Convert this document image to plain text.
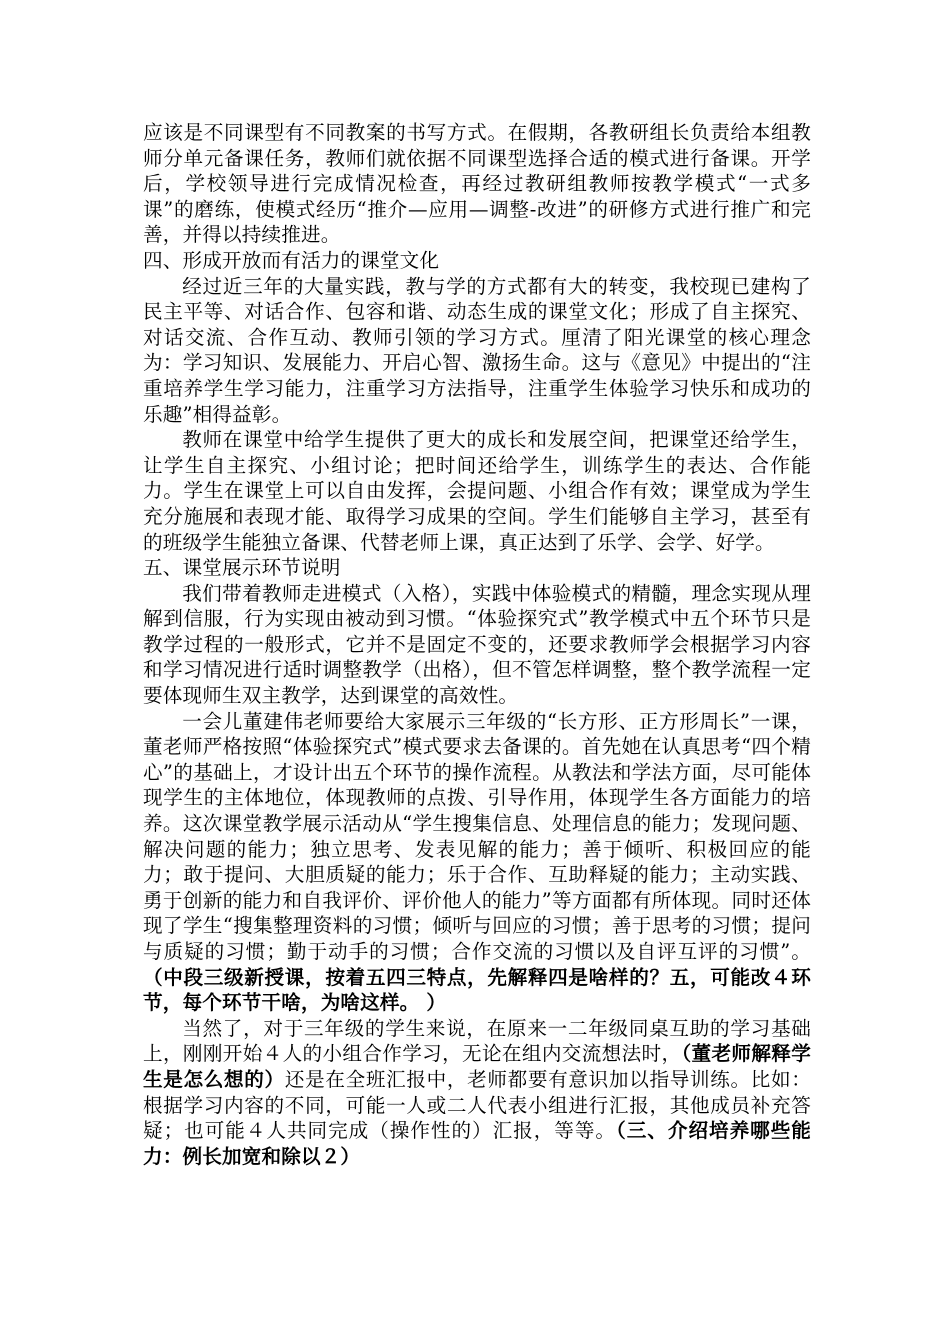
应该是不同课型有不同教案的书写方式。在假期，各教研组长负责给本组教师分单元备课任务，教师们就依据不同课型选择合适的模式进行备课。开学后，学校领导进行完成情况检查，再经过教研组教师按教学模式“一式多课”的磨练，使模式经历“推介—应用—调整-改进”的研修方式进行推广和完善，并得以持续推进。

四、形成开放而有活力的课堂文化

经过近三年的大量实践，教与学的方式都有大的转变，我校现已建构了民主平等、对话合作、包容和谐、动态生成的课堂文化；形成了自主探究、对话交流、合作互动、教师引领的学习方式。厘清了阳光课堂的核心理念为：学习知识、发展能力、开启心智、激扬生命。这与《意见》中提出的“注重培养学生学习能力，注重学习方法指导，注重学生体验学习快乐和成功的乐趣”相得益彰。

教师在课堂中给学生提供了更大的成长和发展空间，把课堂还给学生，让学生自主探究、小组讨论；把时间还给学生，训练学生的表达、合作能力。学生在课堂上可以自由发挥，会提问题、小组合作有效；课堂成为学生充分施展和表现才能、取得学习成果的空间。学生们能够自主学习，甚至有的班级学生能独立备课、代替老师上课，真正达到了乐学、会学、好学。

五、课堂展示环节说明

我们带着教师走进模式（入格），实践中体验模式的精髓，理念实现从理解到信服，行为实现由被动到习惯。“体验探究式”教学模式中五个环节只是教学过程的一般形式，它并不是固定不变的，还要求教师学会根据学习内容和学习情况进行适时调整教学（出格），但不管怎样调整，整个教学流程一定要体现师生双主教学，达到课堂的高效性。

一会儿董建伟老师要给大家展示三年级的“长方形、正方形周长”一课，董老师严格按照“体验探究式”模式要求去备课的。首先她在认真思考“四个精心”的基础上，才设计出五个环节的操作流程。从教法和学法方面，尽可能体现学生的主体地位，体现教师的点拨、引导作用，体现学生各方面能力的培养。这次课堂教学展示活动从“学生搜集信息、处理信息的能力；发现问题、解决问题的能力；独立思考、发表见解的能力；善于倾听、积极回应的能力；敢于提问、大胆质疑的能力；乐于合作、互助释疑的能力；主动实践、勇于创新的能力和自我评价、评价他人的能力”等方面都有所体现。同时还体现了学生“搜集整理资料的习惯；倾听与回应的习惯；善于思考的习惯；提问与质疑的习惯；勤于动手的习惯；合作交流的习惯以及自评互评的习惯”。（中段三级新授课，按着五四三特点，先解释四是啥样的？五，可能改４环节，每个环节干啥，为啥这样。 ）

当然了，对于三年级的学生来说，在原来一二年级同桌互助的学习基础上，刚刚开始４人的小组合作学习，无论在组内交流想法时，（董老师解释学生是怎么想的）还是在全班汇报中，老师都要有意识加以指导训练。比如：根据学习内容的不同，可能一人或二人代表小组进行汇报，其他成员补充答疑；也可能４人共同完成（操作性的）汇报，等等。（三、介绍培养哪些能力：例长加宽和除以２）
